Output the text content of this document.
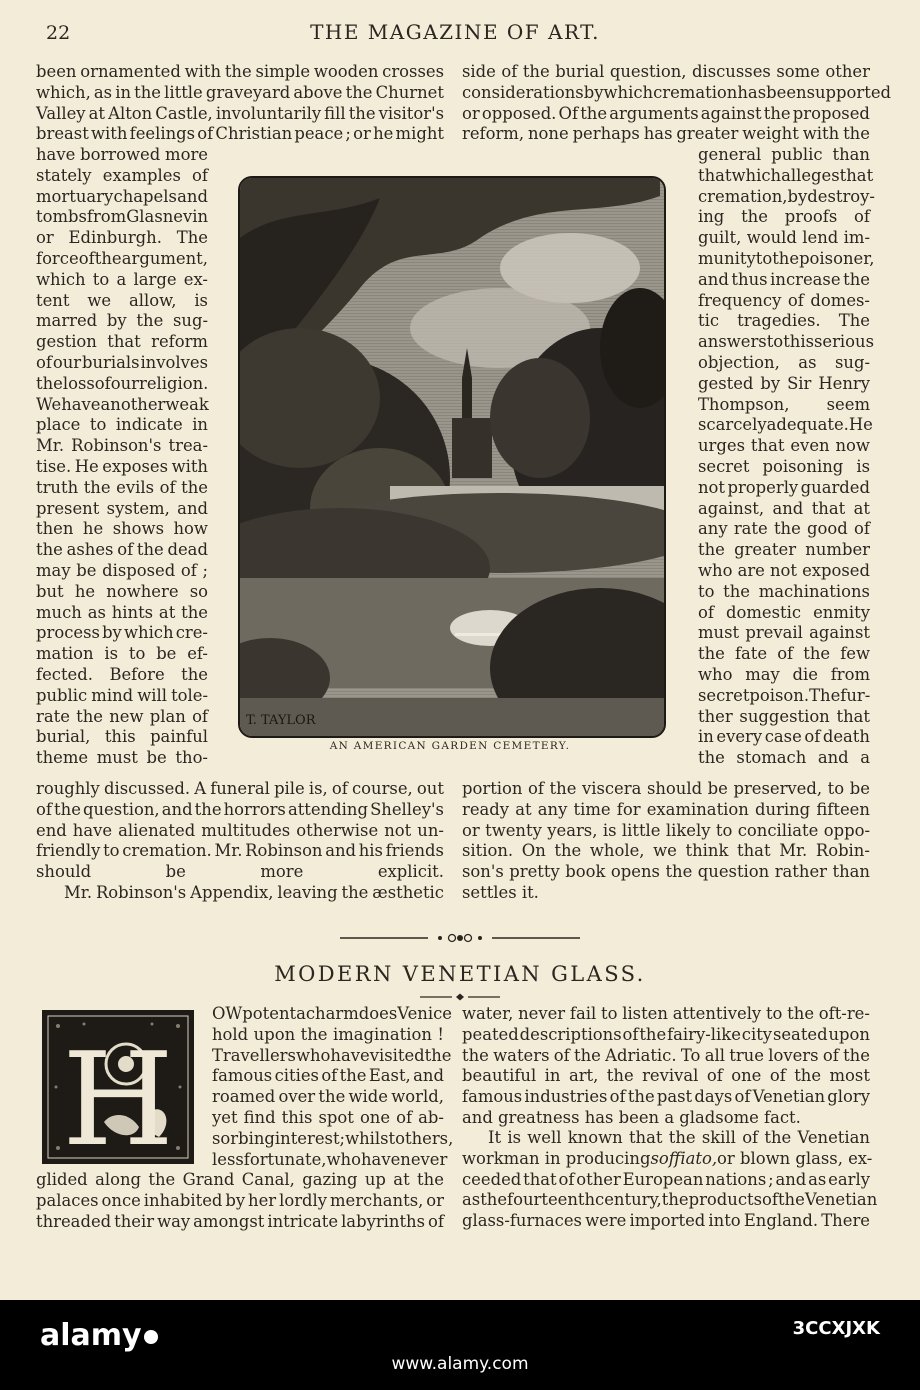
22	THE MAGAZINE OF ART.
been ornamented with the simple wooden crosses
which, as in the little graveyard above the Churnet
Valley at Alton Castle, involuntarily fill the visitor's
breast with feelings of Christian peace ; or he might
have borrowed more
stately examples of
mortuary chapels and
tombs from Glasnevin
or Edinburgh. The
force of the argument,
which to a large ex-
tent we allow, is
marred by the sug-
gestion that reform
of our burials involves
the loss of our religion.
We have another weak
place to indicate in
Mr. Robinson's trea-
tise. He exposes with
truth the evils of the
present system, and
then he shows how
the ashes of the dead
may be disposed of ;
but he nowhere so
much as hints at the
process by which cre-
mation is to be ef-
fected. Before the
public mind will tole-
rate the new plan of
burial, this painful
theme must be tho-
roughly discussed. A funeral pile is, of course, out
of the question, and the horrors attending Shelley's
end have alienated multitudes otherwise not un-
friendly to cremation. Mr. Robinson and his friends
should	be	more	explicit.
side of the burial question, discusses some other
considerations by which cremation has been supported
or opposed. Of the arguments against the proposed
reform, none perhaps has greater weight with the
general public than
that which alleges that
cremation, by destroy-
ing the proofs of
guilt, would lend im-
munity to the poisoner,
and thus increase the
frequency of domes-
tic tragedies. The
answers to this serious
objection, as sug-
gested by Sir Henry
Thompson, seem
scarcely adequate. He
urges that even now
secret poisoning is
not properly guarded
against, and that at
any rate the good of
the greater number
who are not exposed
to the machinations
of domestic enmity
must prevail against
the fate of the few
who may die from
secret poison. The fur-
ther suggestion that
in every case of death
the stomach and a
portion of the viscera should be preserved, to be
ready at any time for examination during fifteen
or twenty years, is little likely to conciliate oppo-
sition. On the whole, we think that Mr. Robin-
son's pretty book opens the question rather than
OW potent a charm does Venice
hold upon the imagination !
Travellers who have visited the
famous cities of the East, and
roamed over the wide world,
yet find this spot one of ab-
sorbing interest ; whilst others,
less fortunate, who have never
glided along the Grand Canal, gazing up at the
palaces once inhabited by her lordly merchants, or
threaded their way amongst intricate labyrinths of
water, never fail to listen attentively to the oft-re-
peated descriptions of the fairy-like city seated upon
the waters of the Adriatic. To all true lovers of the
beautiful in art, the revival of one of the most
famous industries of the past days of Venetian glory
ceeded that of other European nations ; and as early
as the fourteenth century, the products of the Venetian
glass-furnaces were imported into England. There
Mr. Robinson's Appendix, leaving the æsthetic settles it.
and greatness has been a gladsome fact.
It is well known that the skill of the Venetian
workman in producing soffiato, or blown glass, ex-
T. TAYLOR
AN AMERICAN GARDEN CEMETERY.
MODERN VENETIAN GLASS.
H
alamy	3CCXJXK
www.alamy.com
